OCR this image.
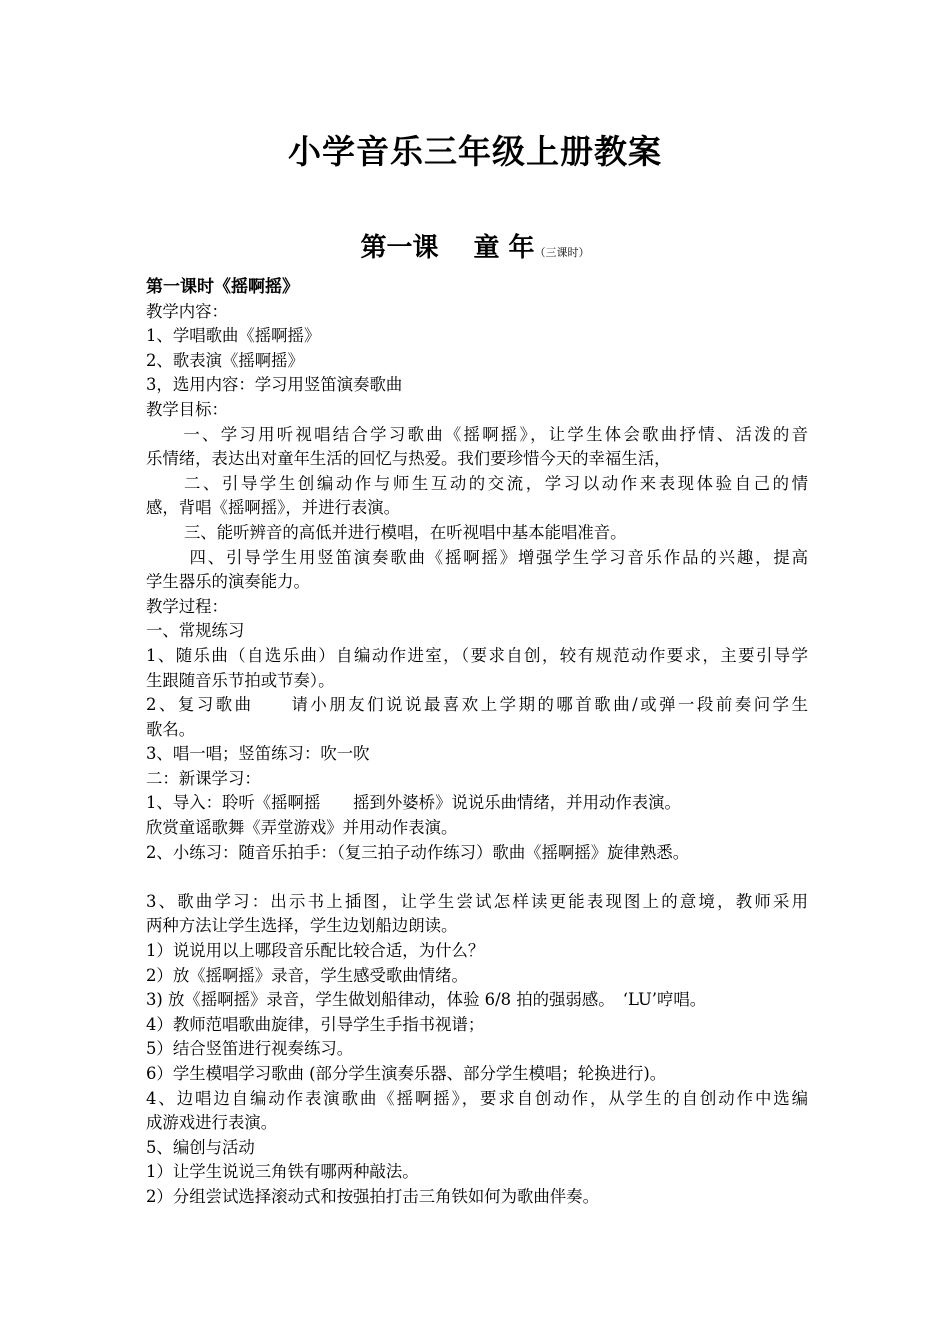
小学音乐三年级上册教案
第一课　 童 年（三课时）
第一课时《摇啊摇》
教学内容：
1、学唱歌曲《摇啊摇》
2、歌表演《摇啊摇》
3，选用内容：学习用竖笛演奏歌曲
教学目标：
　　一、学习用听视唱结合学习歌曲《摇啊摇》，让学生体会歌曲抒情、活泼的音
乐情绪，表达出对童年生活的回忆与热爱。我们要珍惜今天的幸福生活，
　　二、引导学生创编动作与师生互动的交流，学习以动作来表现体验自己的情
感，背唱《摇啊摇》，并进行表演。
　　 三、能听辨音的高低并进行模唱，在听视唱中基本能唱准音。
　　 四、引导学生用竖笛演奏歌曲《摇啊摇》增强学生学习音乐作品的兴趣，提高
学生器乐的演奏能力。
教学过程：
一、常规练习
1、随乐曲（自选乐曲）自编动作进室，（要求自创，较有规范动作要求，主要引导学
生跟随音乐节拍或节奏）。
2、复习歌曲　　请小朋友们说说最喜欢上学期的哪首歌曲/或弹一段前奏问学生
歌名。
3、唱一唱；竖笛练习：吹一吹
二：新课学习：
1、导入：聆听《摇啊摇　　摇到外婆桥》说说乐曲情绪，并用动作表演。
欣赏童谣歌舞《弄堂游戏》并用动作表演。
2、小练习：随音乐拍手：（复三拍子动作练习）歌曲《摇啊摇》旋律熟悉。
3、歌曲学习：出示书上插图，让学生尝试怎样读更能表现图上的意境，教师采用
两种方法让学生选择，学生边划船边朗读。
1）说说用以上哪段音乐配比较合适，为什么？
2）放《摇啊摇》录音，学生感受歌曲情绪。
3) 放《摇啊摇》录音，学生做划船律动，体验 6/8 拍的强弱感。　‘LU’哼唱。
4）教师范唱歌曲旋律，引导学生手指书视谱；
5）结合竖笛进行视奏练习。
6）学生模唱学习歌曲 (部分学生演奏乐器、部分学生模唱；轮换进行)。
4、边唱边自编动作表演歌曲《摇啊摇》，要求自创动作，从学生的自创动作中选编
成游戏进行表演。
5、编创与活动
1）让学生说说三角铁有哪两种敲法。
2）分组尝试选择滚动式和按强拍打击三角铁如何为歌曲伴奏。
